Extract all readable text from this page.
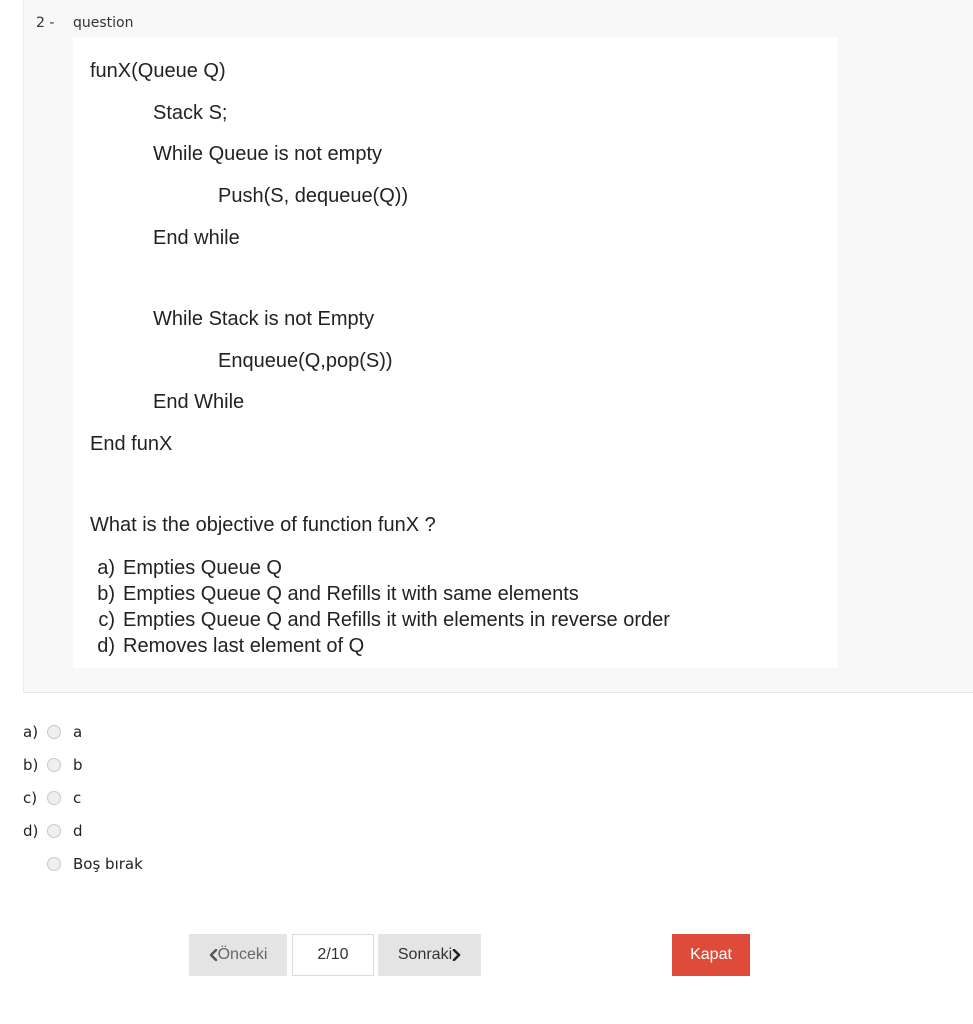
2 - question
funX(Queue Q)
Stack S;
While Queue is not empty
Push(S, dequeue(Q))
End while
While Stack is not Empty
Enqueue(Q,pop(S))
End While
End funX
What is the objective of function funX ?
a) Empties Queue Q
b) Empties Queue Q and Refills it with same elements
c) Empties Queue Q and Refills it with elements in reverse order
d) Removes last element of Q
a)	a
b)	b
c)	c
d)	d
Boş bırak
Önceki	2/10	Sonraki	Kapat
